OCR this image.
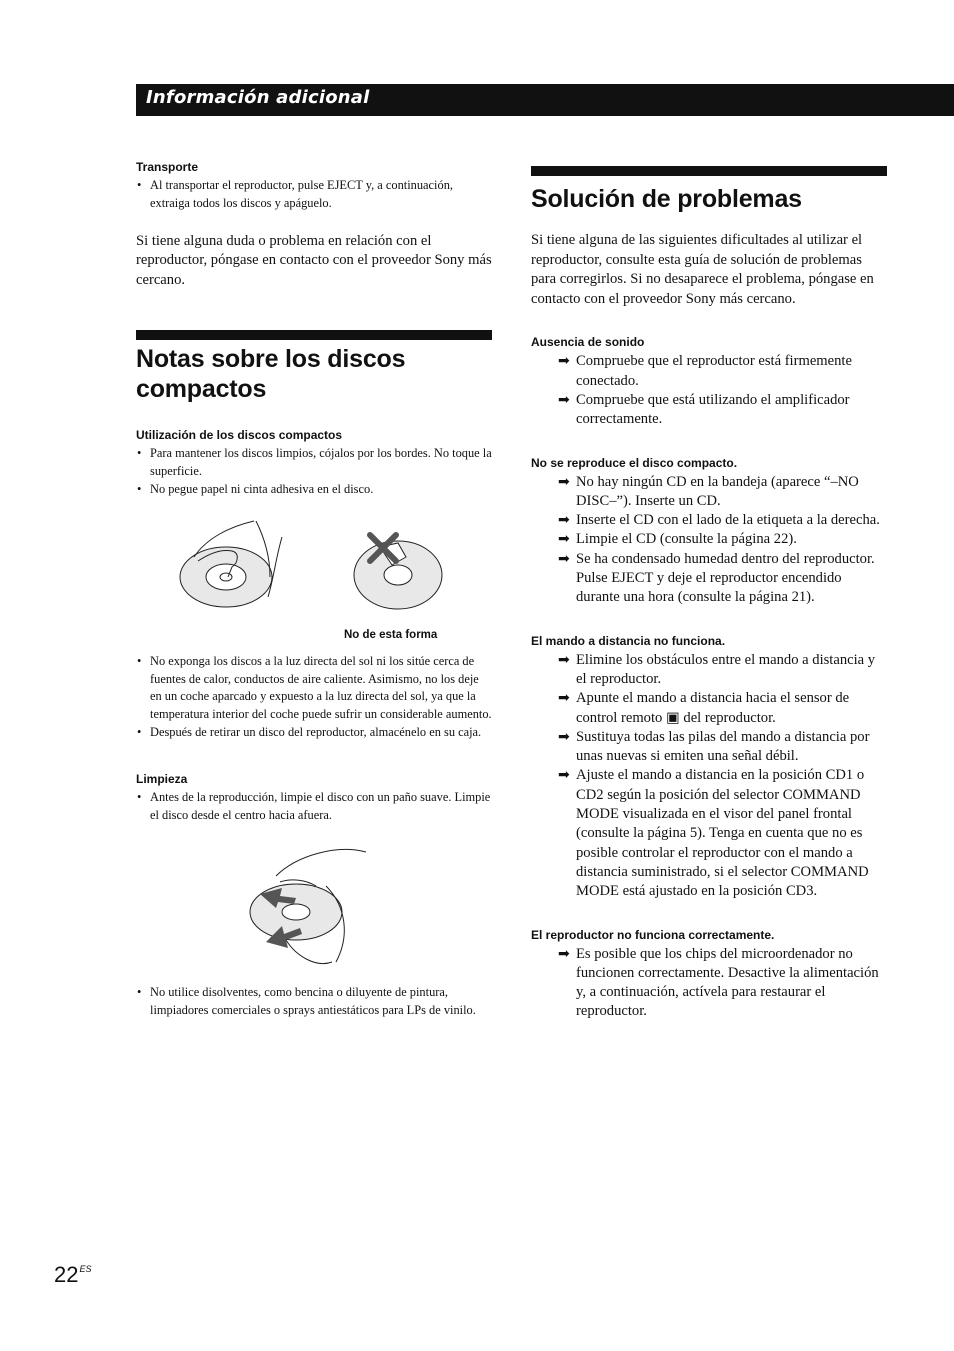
Información adicional
Transporte
• Al transportar el reproductor, pulse EJECT y, a continuación, extraiga todos los discos y apáguelo.

Si tiene alguna duda o problema en relación con el reproductor, póngase en contacto con el proveedor Sony más cercano.

Notas sobre los discos compactos
Utilización de los discos compactos
• Para mantener los discos limpios, cójalos por los bordes. No toque la superficie.
• No pegue papel ni cinta adhesiva en el disco.
No de esta forma
• No exponga los discos a la luz directa del sol ni los sitúe cerca de fuentes de calor, conductos de aire caliente. Asimismo, no los deje en un coche aparcado y expuesto a la luz directa del sol, ya que la temperatura interior del coche puede sufrir un considerable aumento.
• Después de retirar un disco del reproductor, almacénelo en su caja.
Limpieza
• Antes de la reproducción, limpie el disco con un paño suave. Limpie el disco desde el centro hacia afuera.
• No utilice disolventes, como bencina o diluyente de pintura, limpiadores comerciales o sprays antiestáticos para LPs de vinilo.
Solución de problemas

Si tiene alguna de las siguientes dificultades al utilizar el reproductor, consulte esta guía de solución de problemas para corregirlos. Si no desaparece el problema, póngase en contacto con el proveedor Sony más cercano.

Ausencia de sonido
➡ Compruebe que el reproductor está firmemente conectado.
➡ Compruebe que está utilizando el amplificador correctamente.
No se reproduce el disco compacto.
➡ No hay ningún CD en la bandeja (aparece “–NO DISC–”). Inserte un CD.
➡ Inserte el CD con el lado de la etiqueta a la derecha.
➡ Limpie el CD (consulte la página 22).
➡ Se ha condensado humedad dentro del reproductor. Pulse EJECT y deje el reproductor encendido durante una hora (consulte la página 21).
El mando a distancia no funciona.
➡ Elimine los obstáculos entre el mando a distancia y el reproductor.
➡ Apunte el mando a distancia hacia el sensor de control remoto ▣ del reproductor.
➡ Sustituya todas las pilas del mando a distancia por unas nuevas si emiten una señal débil.
➡ Ajuste el mando a distancia en la posición CD1 o CD2 según la posición del selector COMMAND MODE visualizada en el visor del panel frontal (consulte la página 5). Tenga en cuenta que no es posible controlar el reproductor con el mando a distancia suministrado, si el selector COMMAND MODE está ajustado en la posición CD3.
El reproductor no funciona correctamente.
➡ Es posible que los chips del microordenador no funcionen correctamente. Desactive la alimentación y, a continuación, actívela para restaurar el reproductor.
$22^{ES}$
